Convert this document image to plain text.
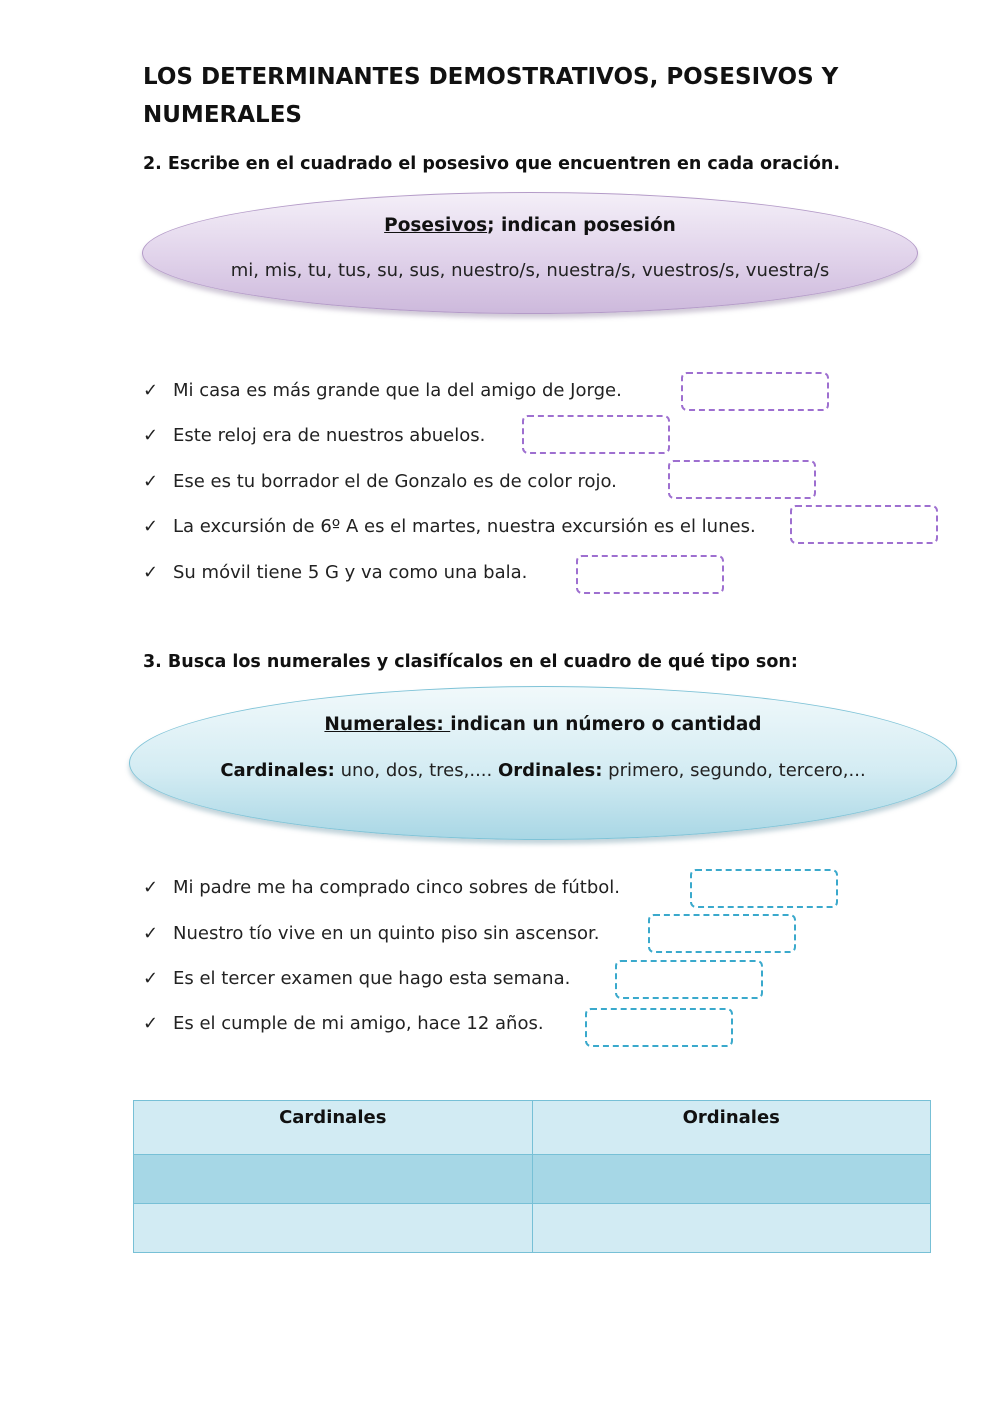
LOS DETERMINANTES DEMOSTRATIVOS, POSESIVOS Y NUMERALES

2. Escribe en el cuadrado el posesivo que encuentren en cada oración.

Posesivos; indican posesión
mi, mis, tu, tus, su, sus, nuestro/s, nuestra/s, vuestros/s, vuestra/s
✓ Mi casa es más grande que la del amigo de Jorge.
✓ Este reloj era de nuestros abuelos.
✓ Ese es tu borrador el de Gonzalo es de color rojo.
✓ La excursión de 6º A es el martes, nuestra excursión es el lunes.
✓ Su móvil tiene 5 G y va como una bala.

3. Busca los numerales y clasifícalos en el cuadro de qué tipo son:

Numerales: indican un número o cantidad
Cardinales: uno, dos, tres,.... Ordinales: primero, segundo, tercero,...
✓ Mi padre me ha comprado cinco sobres de fútbol.
✓ Nuestro tío vive en un quinto piso sin ascensor.
✓ Es el tercer examen que hago esta semana.
✓ Es el cumple de mi amigo, hace 12 años.
Cardinales	Ordinales
